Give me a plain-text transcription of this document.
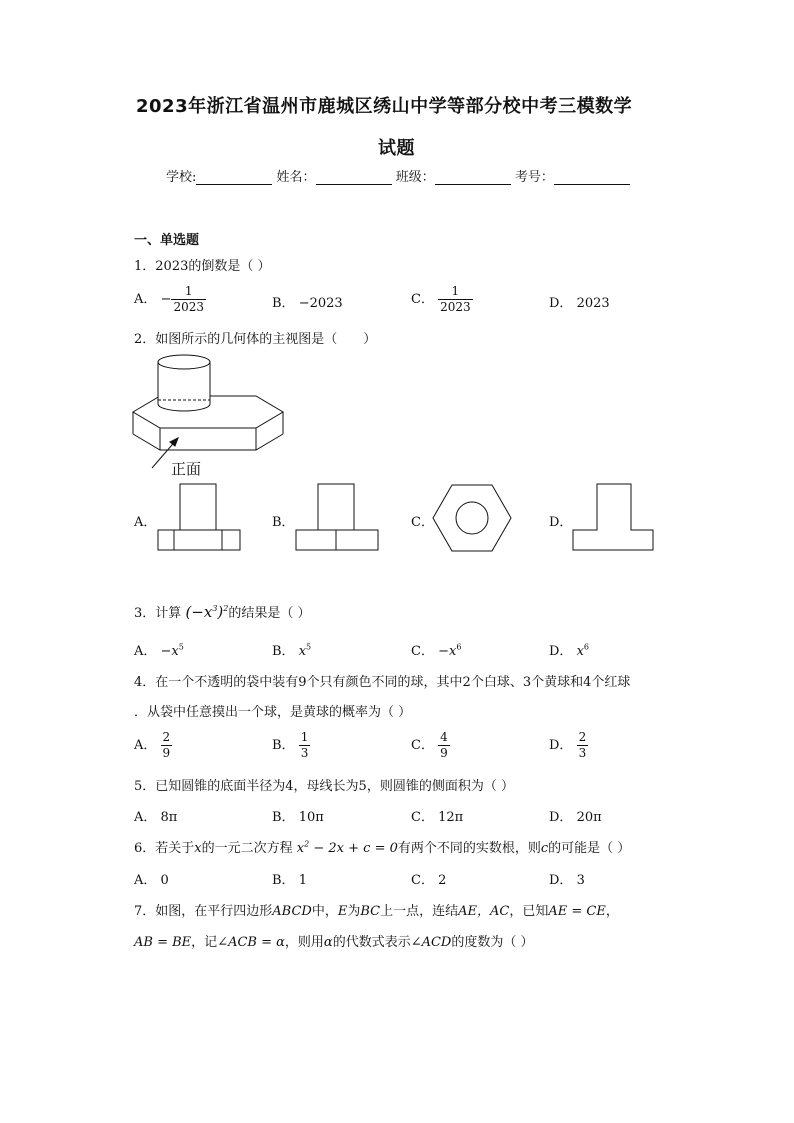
2023年浙江省温州市鹿城区绣山中学等部分校中考三模数学
试题
学校:	姓名：	班级：	考号：
一、单选题
1．2023的倒数是（ ）
A． − $\frac{1}{2023}$	B． −2023	C． $\frac{1}{2023}$	D． 2023
2．如图所示的几何体的主视图是（　　）
正面
A．	B．	C．	D．
3．计算 $(-x^3)^2$的结果是（ ）
A． $-x^5$	B． $x^5$	C． $-x^6$	D． $x^6$
4．在一个不透明的袋中装有9个只有颜色不同的球，其中2个白球、3个黄球和4个红球
．从袋中任意摸出一个球，是黄球的概率为（ ）
A． $\frac{2}{9}$	B． $\frac{1}{3}$	C． $\frac{4}{9}$	D． $\frac{2}{3}$
5．已知圆锥的底面半径为4，母线长为5，则圆锥的侧面积为（ ）
A． 8π	B． 10π	C． 12π	D． 20π
6．若关于x的一元二次方程 $x^2 - 2x + c = 0$有两个不同的实数根，则c的可能是（ ）
A． 0	B． 1	C． 2	D． 3
7．如图，在平行四边形ABCD中，E为BC上一点，连结AE，AC，已知AE = CE，
AB = BE，记∠ACB = α，则用α的代数式表示∠ACD的度数为（ ）
